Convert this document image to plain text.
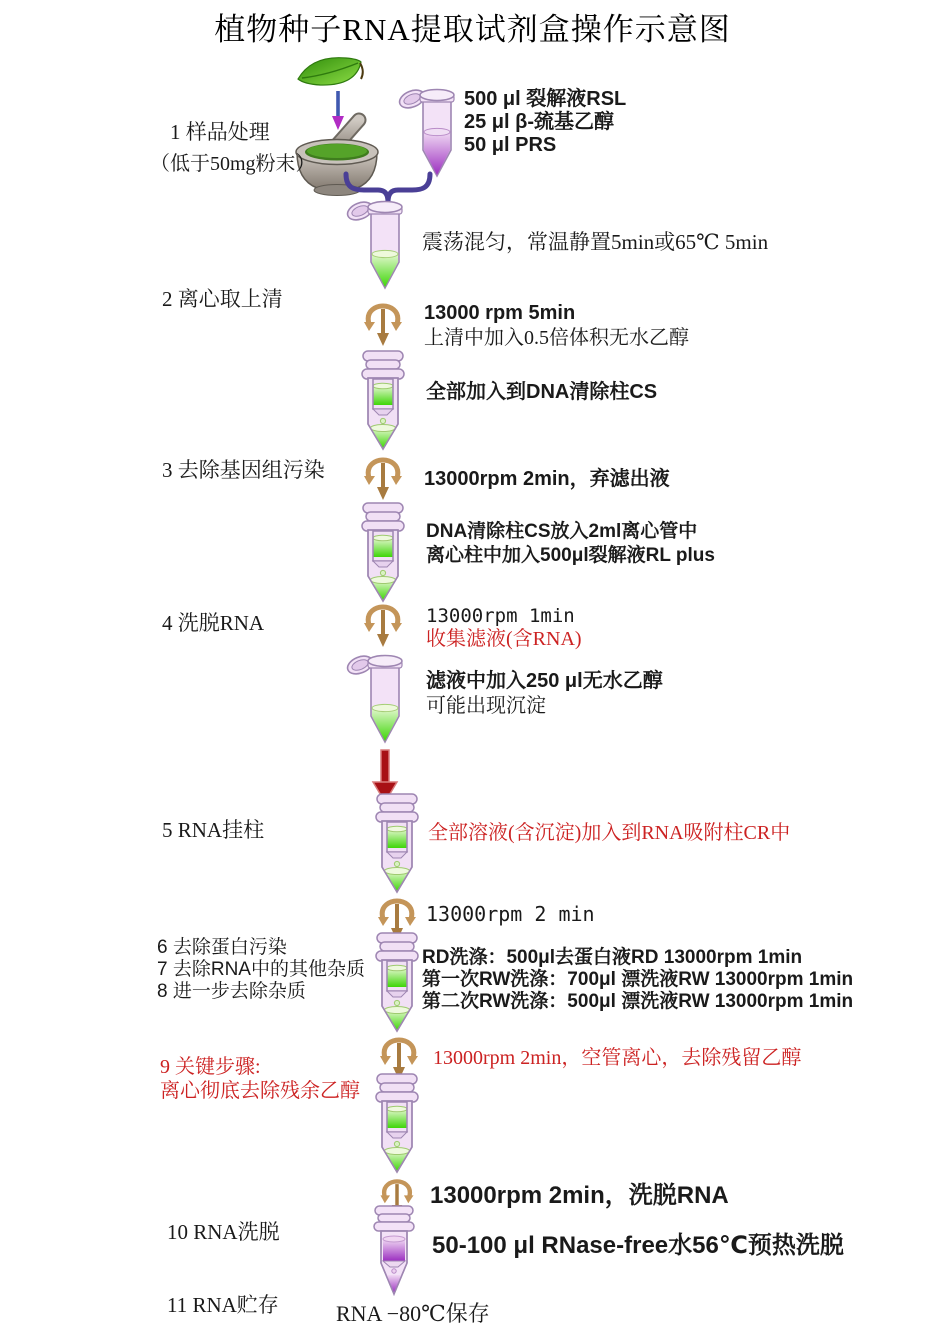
植物种子RNA提取试剂盒操作示意图
500 μl 裂解液RSL
25 μl β-巯基乙醇
50 μl PRS
1 样品处理
（低于50mg粉末）
震荡混匀，常温静置5min或65℃ 5min
2 离心取上清
13000 rpm 5min
上清中加入0.5倍体积无水乙醇
全部加入到DNA清除柱CS
3 去除基因组污染	13000rpm 2min，弃滤出液
DNA清除柱CS放入2ml离心管中
离心柱中加入500μl裂解液RL plus
4 洗脱RNA	13000rpm 1min
收集滤液(含RNA)
滤液中加入250 μl无水乙醇
可能出现沉淀
5 RNA挂柱	全部溶液(含沉淀)加入到RNA吸附柱CR中
13000rpm 2 min
6 去除蛋白污染
7 去除RNA中的其他杂质
8 进一步去除杂质
RD洗涤：500μl去蛋白液RD 13000rpm 1min
第一次RW洗涤：700μl 漂洗液RW 13000rpm 1min
第二次RW洗涤：500μl 漂洗液RW 13000rpm 1min
13000rpm 2min，空管离心，去除残留乙醇
9 关键步骤:
离心彻底去除残余乙醇
13000rpm 2min，洗脱RNA
10 RNA洗脱	50-100 μl RNase-free水56℃预热洗脱
11 RNA贮存	RNA −80℃保存
